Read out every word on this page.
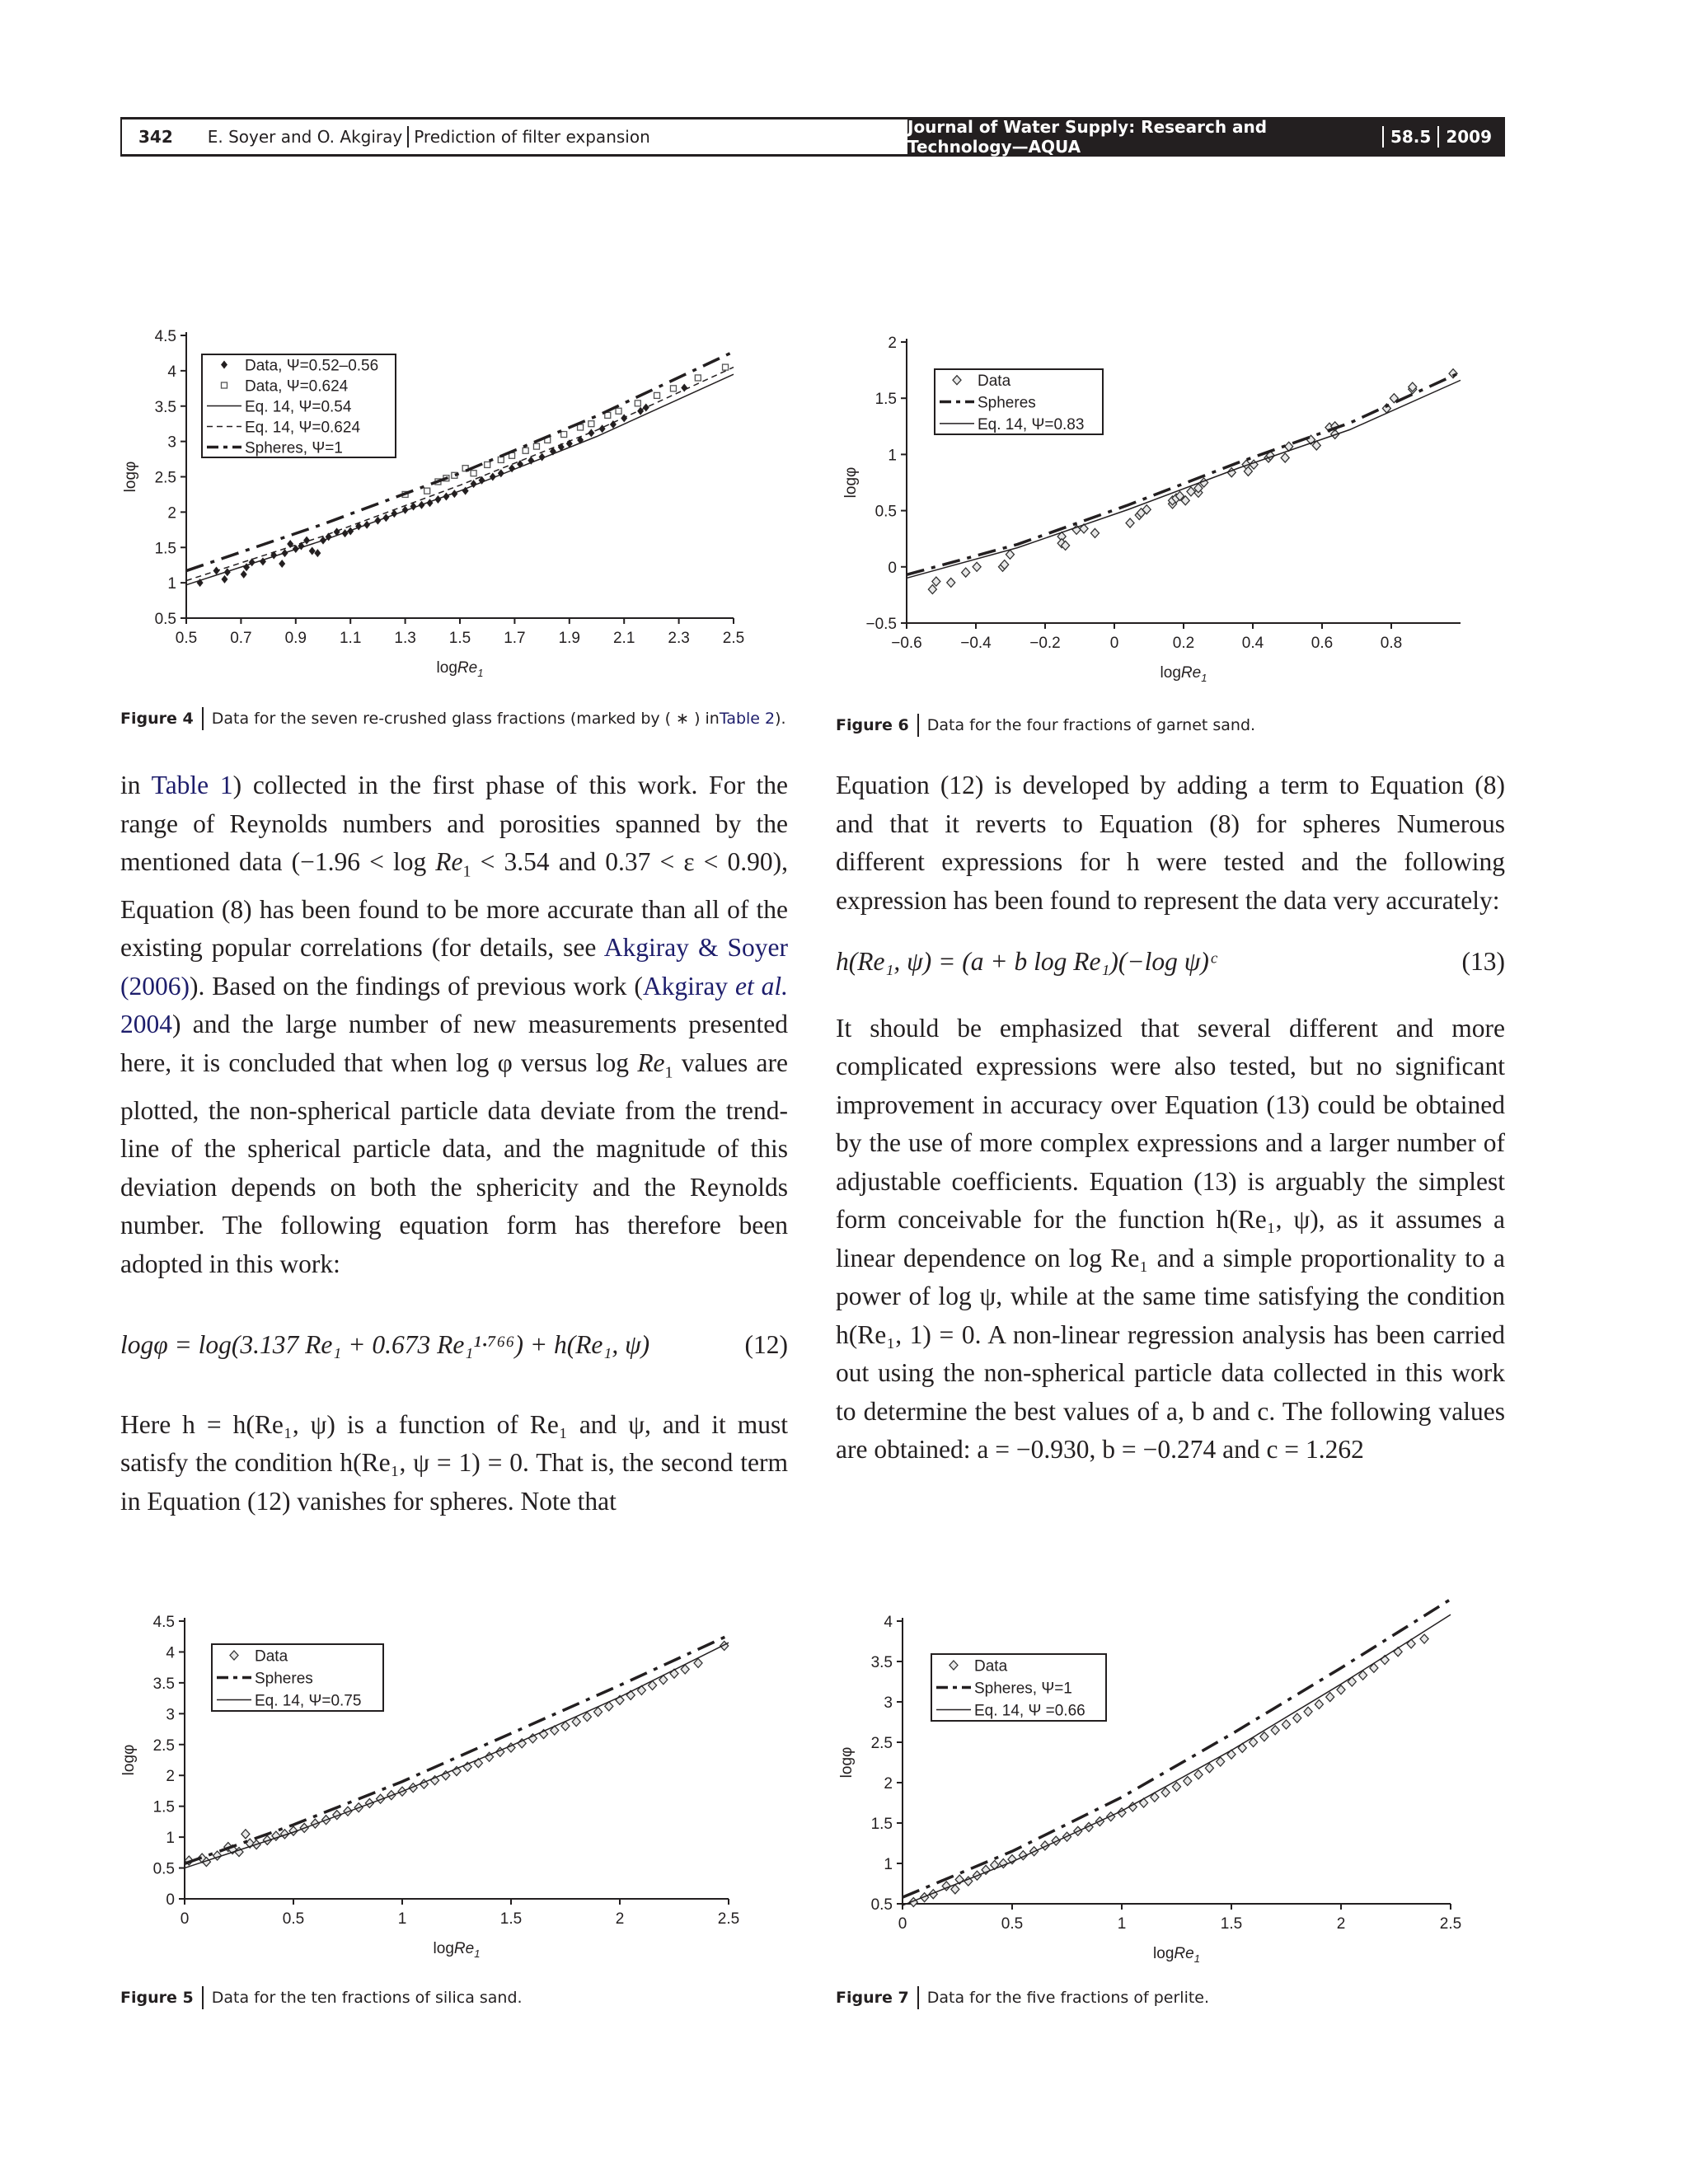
342 E. Soyer and O. Akgiray Prediction of filter expansion	Journal of Water Supply: Research and Technology—AQUA	58.5 2009
0.5 0.7 0.9 1.1 1.3 1.5 1.7 1.9 2.1 2.3 2.5
0.5
1
1.5
2
2.5
3
3.5
4
4.5
logRe$_1$
logφ
Data, Ψ=0.52–0.56
Data, Ψ=0.624
Eq. 14, Ψ=0.54
Eq. 14, Ψ=0.624
Spheres, Ψ=1
Figure 4 Data for the seven re-crushed glass fractions (marked by ( ∗ ) in Table 2 ).
−0.6 −0.4 −0.2	0	0.2	0.4	0.6	0.8
−0.5
0
0.5
1
1.5
2
logRe$_1$
logφ
Data
Spheres
Eq. 14, Ψ=0.83
Figure 6 Data for the four fractions of garnet sand.

in Table 1) collected in the first phase of this work. For the range of Reynolds numbers and porosities spanned by the mentioned data ($-1.96 < \log Re_1 < 3.54$ and 0.37 < ε < 0.90), Equation (8) has been found to be more accurate than all of the existing popular correlations (for details, see Akgiray & Soyer (2006)). Based on the findings of previous work (Akgiray et al. 2004) and the large number of new measurements presented here, it is concluded that when log φ versus $\log Re_1$ values are plotted, the non-spherical particle data deviate from the trend-line of the spherical particle data, and the magnitude of this deviation depends on both the sphericity and the Reynolds number. The following equation form has therefore been adopted in this work:

logφ = log(3.137 Re₁ + 0.673 Re₁¹·⁷⁶⁶) + h(Re₁, ψ)	(12)

Here h = h(Re₁, ψ) is a function of Re₁ and ψ, and it must satisfy the condition h(Re₁, ψ = 1) = 0. That is, the second term in Equation (12) vanishes for spheres. Note that

Equation (12) is developed by adding a term to Equation (8) and that it reverts to Equation (8) for spheres Numerous different expressions for h were tested and the following expression has been found to represent the data very accurately:

h(Re₁, ψ) = (a + b log Re₁)(−log ψ)ᶜ	(13)

It should be emphasized that several different and more complicated expressions were also tested, but no significant improvement in accuracy over Equation (13) could be obtained by the use of more complex expressions and a larger number of adjustable coefficients. Equation (13) is arguably the simplest form conceivable for the function h(Re₁, ψ), as it assumes a linear dependence on log Re₁ and a simple proportionality to a power of log ψ, while at the same time satisfying the condition h(Re₁, 1) = 0. A non-linear regression analysis has been carried out using the non-spherical particle data collected in this work to determine the best values of a, b and c. The following values are obtained: a = −0.930, b = −0.274 and c = 1.262

0	0.5	1	1.5	2	2.5
0
0.5
1
1.5
2
2.5
3
3.5
4
4.5
logRe$_1$
logφ
Data
Spheres
Eq. 14, Ψ=0.75
Figure 5 Data for the ten fractions of silica sand.
0	0.5	1	1.5	2	2.5
0.5
1
1.5
2
2.5
3
3.5
4
logRe$_1$
logφ
Data
Spheres, Ψ=1
Eq. 14, Ψ =0.66
Figure 7 Data for the five fractions of perlite.
